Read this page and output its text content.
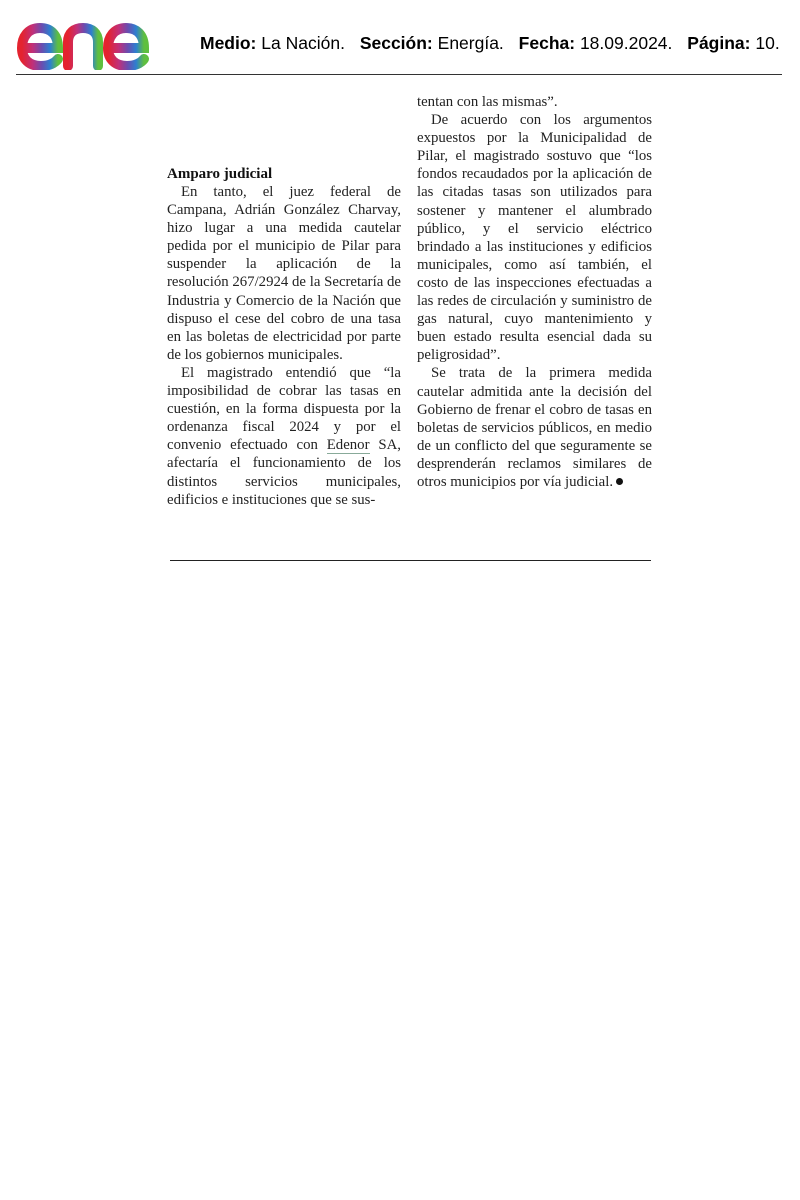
Medio: La Nación. Sección: Energía. Fecha: 18.09.2024. Página: 10.
Amparo judicial

En tanto, el juez federal de Campana, Adrián González Charvay, hizo lugar a una medida cautelar pedida por el municipio de Pilar para suspender la aplicación de la resolución 267/2924 de la Secretaría de Industria y Comercio de la Nación que dispuso el cese del cobro de una tasa en las boletas de electricidad por parte de los gobiernos municipales.

El magistrado entendió que “la imposibilidad de cobrar las tasas en cuestión, en la forma dispuesta por la ordenanza fiscal 2024 y por el convenio efectuado con Edenor SA, afectaría el funcionamiento de los distintos servicios municipales, edificios e instituciones que se sus-

tentan con las mismas”.

De acuerdo con los argumentos expuestos por la Municipalidad de Pilar, el magistrado sostuvo que “los fondos recaudados por la aplicación de las citadas tasas son utilizados para sostener y mantener el alumbrado público, y el servicio eléctrico brindado a las instituciones y edificios municipales, como así también, el costo de las inspecciones efectuadas a las redes de circulación y suministro de gas natural, cuyo mantenimiento y buen estado resulta esencial dada su peligrosidad”.

Se trata de la primera medida cautelar admitida ante la decisión del Gobierno de frenar el cobro de tasas en boletas de servicios públicos, en medio de un conflicto del que seguramente se desprenderán reclamos similares de otros municipios por vía judicial.
